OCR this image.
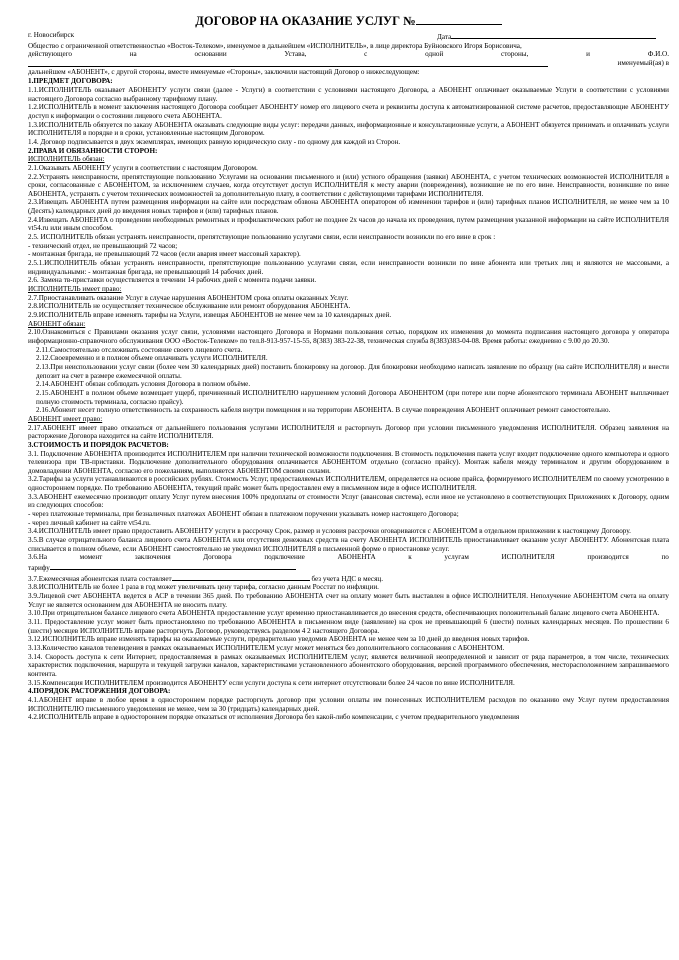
ДОГОВОР НА ОКАЗАНИЕ УСЛУГ №
г. Новосибирск	Дата

Общество с ограниченной ответственностью «Восток-Телеком», именуемое в дальнейшем «ИСПОЛНИТЕЛЬ», в лице директора Буйновского Игоря Борисовича,

действующего	на	основании	Устава,	с	одной	стороны,	и	Ф.И.О.
именуемый(ая) в

дальнейшем «АБОНЕНТ», с другой стороны, вместе именуемые «Стороны», заключили настоящий Договор о нижеследующем:

1.ПРЕДМЕТ ДОГОВОРА:

1.1.ИСПОЛНИТЕЛЬ оказывает АБОНЕНТУ услуги связи (далее - Услуги) в соответствии с условиями настоящего Договора, а АБОНЕНТ оплачивает оказываемые Услуги в соответствии с условиями настоящего Договора согласно выбранному тарифному плану.

1.2.ИСПОЛНИТЕЛЬ в момент заключения настоящего Договора сообщает АБОНЕНТУ номер его лицевого счета и реквизиты доступа к автоматизированной системе расчетов, предоставляющие АБОНЕНТУ доступ к информации о состоянии лицевого счета АБОНЕНТА.

1.3.ИСПОЛНИТЕЛЬ обязуется по заказу АБОНЕНТА оказывать следующие виды услуг: передачи данных, информационные и консультационные услуги, а АБОНЕНТ обязуется принимать и оплачивать услуги ИСПОЛНИТЕЛЯ в порядке и в сроки, установленные настоящим Договором.

1.4. Договор подписывается в двух экземплярах, имеющих равную юридическую силу - по одному для каждой из Сторон.

2.ПРАВА И ОБЯЗАННОСТИ СТОРОН:
ИСПОЛНИТЕЛЬ обязан:

2.1.Оказывать АБОНЕНТУ услуги в соответствии с настоящим Договором.

2.2.Устранять неисправности, препятствующие пользованию Услугами на основании письменного и (или) устного обращения (заявки) АБОНЕНТА, с учетом технических возможностей ИСПОЛНИТЕЛЯ в сроки, согласованные с АБОНЕНТОМ, за исключением случаев, когда отсутствует доступ ИСПОЛНИТЕЛЯ к месту аварии (повреждения), возникшие не по его вине. Неисправности, возникшие по вине АБОНЕНТА, устранять с учетом технических возможностей за дополнительную плату, в соответствии с действующими тарифами ИСПОЛНИТЕЛЯ.

2.3.Извещать АБОНЕНТА путем размещения информации на сайте или посредствам обзвона АБОНЕНТА оператором об изменении тарифов и (или) тарифных планов ИСПОЛНИТЕЛЯ, не менее чем за 10 (Десять) календарных дней до введения новых тарифов и (или) тарифных планов.

2.4.Извещать АБОНЕНТА о проведении необходимых ремонтных и профилактических работ не позднее 2х часов до начала их проведения, путем размещения указанной информации на сайте ИСПОЛНИТЕЛЯ vt54.ru или иным способом.

2.5. ИСПОЛНИТЕЛЬ обязан устранять неисправности, препятствующие пользованию услугами связи, если неисправности возникли по его вине в срок :

- технический отдел, не превышающий 72 часов;

- монтажная бригада, не превышающий 72 часов (если авария имеет массовый характер).

2.5.1.ИСПОЛНИТЕЛЬ обязан устранять неисправности, препятствующие пользованию услугами связи, если неисправности возникли по вине абонента или третьих лиц и являются не массовыми, а индивидуальными: - монтажная бригада, не превышающий 14 рабочих дней.

2.6. Замена тв-приставки осуществляется в течении 14 рабочих дней с момента подачи заявки.

ИСПОЛНИТЕЛЬ имеет право:

2.7.Приостанавливать оказание Услуг в случае нарушения АБОНЕНТОМ срока оплаты оказанных Услуг.

2.8.ИСПОЛНИТЕЛЬ не осуществляет техническое обслуживание или ремонт оборудования АБОНЕНТА.

2.9.ИСПОЛНИТЕЛЬ вправе изменять тарифы на Услуги, извещая АБОНЕНТОВ не менее чем за 10 календарных дней.

АБОНЕНТ обязан:

2.10.Ознакомиться с Правилами оказания услуг связи, условиями настоящего Договора и Нормами пользования сетью, порядком их изменения до момента подписания настоящего договора у оператора информационно-справочного обслуживания ООО «Восток-Телеком» по тел.8-913-957-15-55, 8(383) 383-22-38, техническая служба 8(383)383-04-08. Время работы: ежедневно с 9.00 до 20.30.

2.11.Самостоятельно отслеживать состояние своего лицевого счета.

2.12.Своевременно и в полном объеме оплачивать услуги ИСПОЛНИТЕЛЯ.

2.13.При неиспользовании услуг связи (более чем 30 календарных дней) поставить блокировку на договор. Для блокировки необходимо написать заявление по образцу (на сайте ИСПОЛНИТЕЛЯ) и внести депозит на счет в размере ежемесячной оплаты.

2.14.АБОНЕНТ обязан соблюдать условия Договора в полном объёме.

2.15.АБОНЕНТ в полном объеме возмещает ущерб, причиненный ИСПОЛНИТЕЛЮ нарушением условий Договора АБОНЕНТОМ (при потере или порче абонентского терминала АБОНЕНТ выплачивает полную стоимость терминала, согласно прайсу).

2.16.Абонент несет полную ответственность за сохранность кабеля внутри помещения и на территории АБОНЕНТА. В случае повреждения АБОНЕНТ оплачивает ремонт самостоятельно.

АБОНЕНТ имеет право:

2.17.АБОНЕНТ имеет право отказаться от дальнейшего пользования услугами ИСПОЛНИТЕЛЯ и расторгнуть Договор при условии письменного уведомления ИСПОЛНИТЕЛЯ. Образец заявления на расторжение Договора находится на сайте ИСПОЛНИТЕЛЯ.

3.СТОИМОСТЬ И ПОРЯДОК РАСЧЕТОВ:

3.1. Подключение АБОНЕНТА производится ИСПОЛНИТЕЛЕМ при наличии технической возможности подключения. В стоимость подключения пакета услуг входит подключение одного компьютера и одного телевизора при ТВ-приставки. Подключение дополнительного оборудования оплачивается АБОНЕНТОМ отдельно (согласно прайсу). Монтаж кабеля между терминалом и другим оборудованием в домовладении АБОНЕНТА, согласно его пожеланиям, выполняется АБОНЕНТОМ своими силами.

3.2.Тарифы за услуги устанавливаются в российских рублях. Стоимость Услуг, предоставляемых ИСПОЛНИТЕЛЕМ, определяется на основе прайса, формируемого ИСПОЛНИТЕЛЕМ по своему усмотрению в одностороннем порядке. По требованию АБОНЕНТА, текущий прайс может быть предоставлен ему в письменном виде в офисе ИСПОЛНИТЕЛЯ.

3.3.АБОНЕНТ ежемесячно производит оплату Услуг путем внесения 100% предоплаты от стоимости Услуг (авансовая система), если иное не установлено в соответствующих Приложениях к Договору, одним из следующих способов:

- через платежные терминалы, при безналичных платежах АБОНЕНТ обязан в платежном поручении указывать номер настоящего Договора;

- через личный кабинет на сайте vt54.ru.

3.4.ИСПОЛНИТЕЛЬ имеет право предоставить АБОНЕНТУ услуги в рассрочку Срок, размер и условия рассрочки оговариваются с АБОНЕНТОМ в отдельном приложении к настоящему Договору.

3.5.В случае отрицательного баланса лицевого счета АБОНЕНТА или отсутствия денежных средств на счету АБОНЕНТА ИСПОЛНИТЕЛЬ приостанавливает оказание услуг АБОНЕНТУ. Абонентская плата списывается в полном объеме, если АБОНЕНТ самостоятельно не уведомил ИСПОЛНИТЕЛЯ в письменной форме о приостановке услуг.

3.6.На	момент	заключения	Договора	подключение	АБОНЕНТА	к	услугам	ИСПОЛНИТЕЛЯ	производится	по
тарифу
3.7.Ежемесячная абонентская плата составляет	без учета НДС в месяц.

3.8.ИСПОЛНИТЕЛЬ не более 1 раза в год может увеличивать цену тарифа, согласно данным Росстат по инфляции.

3.9.Лицевой счет АБОНЕНТА ведется в АСР в течении 365 дней. По требованию АБОНЕНТА счет на оплату может быть выставлен в офисе ИСПОЛНИТЕЛЯ. Неполучение АБОНЕНТОМ счета на оплату Услуг не является основанием для АБОНЕНТА не вносить плату.

3.10.При отрицательном балансе лицевого счета АБОНЕНТА предоставление услуг временно приостанавливается до внесения средств, обеспечивающих положительный баланс лицевого счета АБОНЕНТА.

3.11. Предоставление услуг может быть приостановлено по требованию АБОНЕНТА в письменном виде (заявление) на срок не превышающий 6 (шести) полных календарных месяцев. По прошествии 6 (шести) месяцев ИСПОЛНИТЕЛЬ вправе расторгнуть Договор, руководствуясь разделом 4 2 настоящего Договора.

3.12.ИСПОЛНИТЕЛЬ вправе изменять тарифы на оказываемые услуги, предварительно уведомив АБОНЕНТА не менее чем за 10 дней до введения новых тарифов.

3.13.Количество каналов телевидения в рамках оказываемых ИСПОЛНИТЕЛЕМ услуг может меняться без дополнительного согласования с АБОНЕНТОМ.

3.14. Скорость доступа к сети Интернет, предоставляемая в рамках оказываемых ИСПОЛНИТЕЛЕМ услуг, является величиной неопределенной и зависит от ряда параметров, в том числе, технических характеристик подключения, маршрута и текущей загрузки каналов, характеристиками установленного абонентского оборудования, версией программного обеспечения, месторасположением запрашиваемого контента.

3.15.Компенсация ИСПОЛНИТЕЛЕМ производится АБОНЕНТУ если услуги доступа к сети интернет отсутствовали более 24 часов по вине ИСПОЛНИТЕЛЯ.

4.ПОРЯДОК РАСТОРЖЕНИЯ ДОГОВОРА:

4.1.АБОНЕНТ вправе в любое время в одностороннем порядке расторгнуть договор при условии оплаты им понесенных ИСПОЛНИТЕЛЕМ расходов по оказанию ему Услуг путем предоставления ИСПОЛНИТЕЛЮ письменного уведомления не менее, чем за 30 (тридцать) календарных дней.

4.2.ИСПОЛНИТЕЛЬ вправе в одностороннем порядке отказаться от исполнения Договора без какой-либо компенсации, с учетом предварительного уведомления
